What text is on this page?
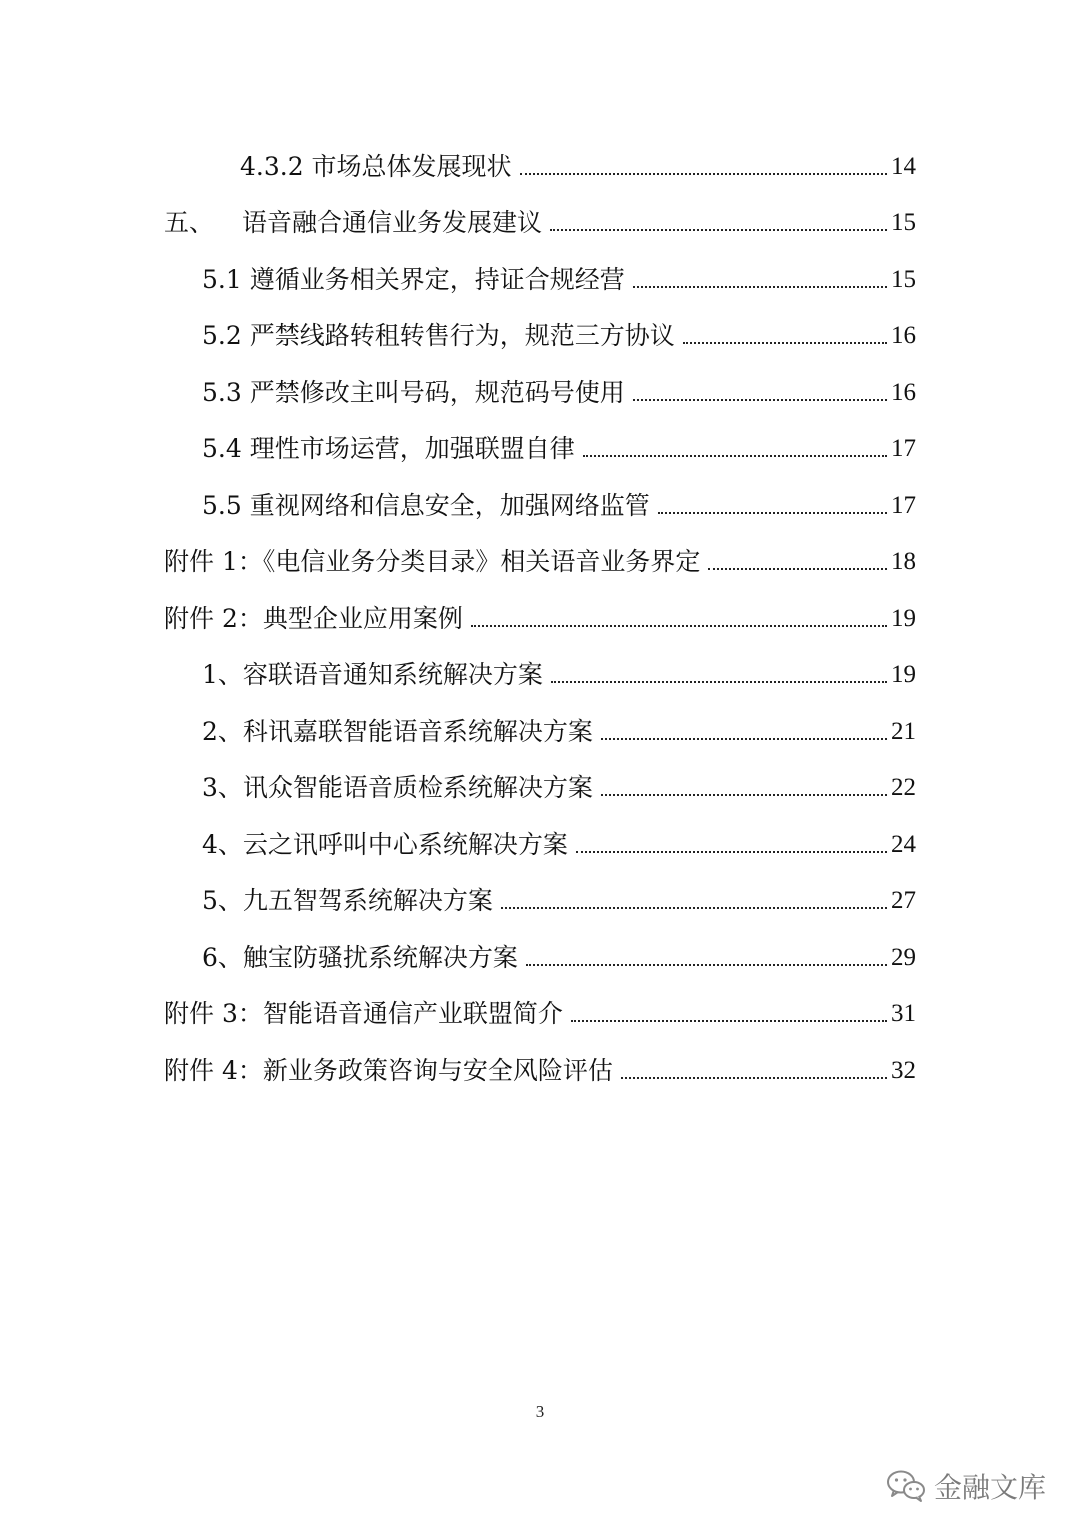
4.3.2 市场总体发展现状	14
五、 语音融合通信业务发展建议	15
5.1 遵循业务相关界定，持证合规经营	15
5.2 严禁线路转租转售行为，规范三方协议	16
5.3 严禁修改主叫号码，规范码号使用	16
5.4 理性市场运营，加强联盟自律	17
5.5 重视网络和信息安全，加强网络监管	17
附件 1：《电信业务分类目录》相关语音业务界定	18
附件 2：典型企业应用案例	19
1、容联语音通知系统解决方案	19
2、科讯嘉联智能语音系统解决方案	21
3、讯众智能语音质检系统解决方案	22
4、云之讯呼叫中心系统解决方案	24
5、九五智驾系统解决方案	27
6、触宝防骚扰系统解决方案	29
附件 3：智能语音通信产业联盟简介	31
附件 4：新业务政策咨询与安全风险评估	32
3
金融文库
